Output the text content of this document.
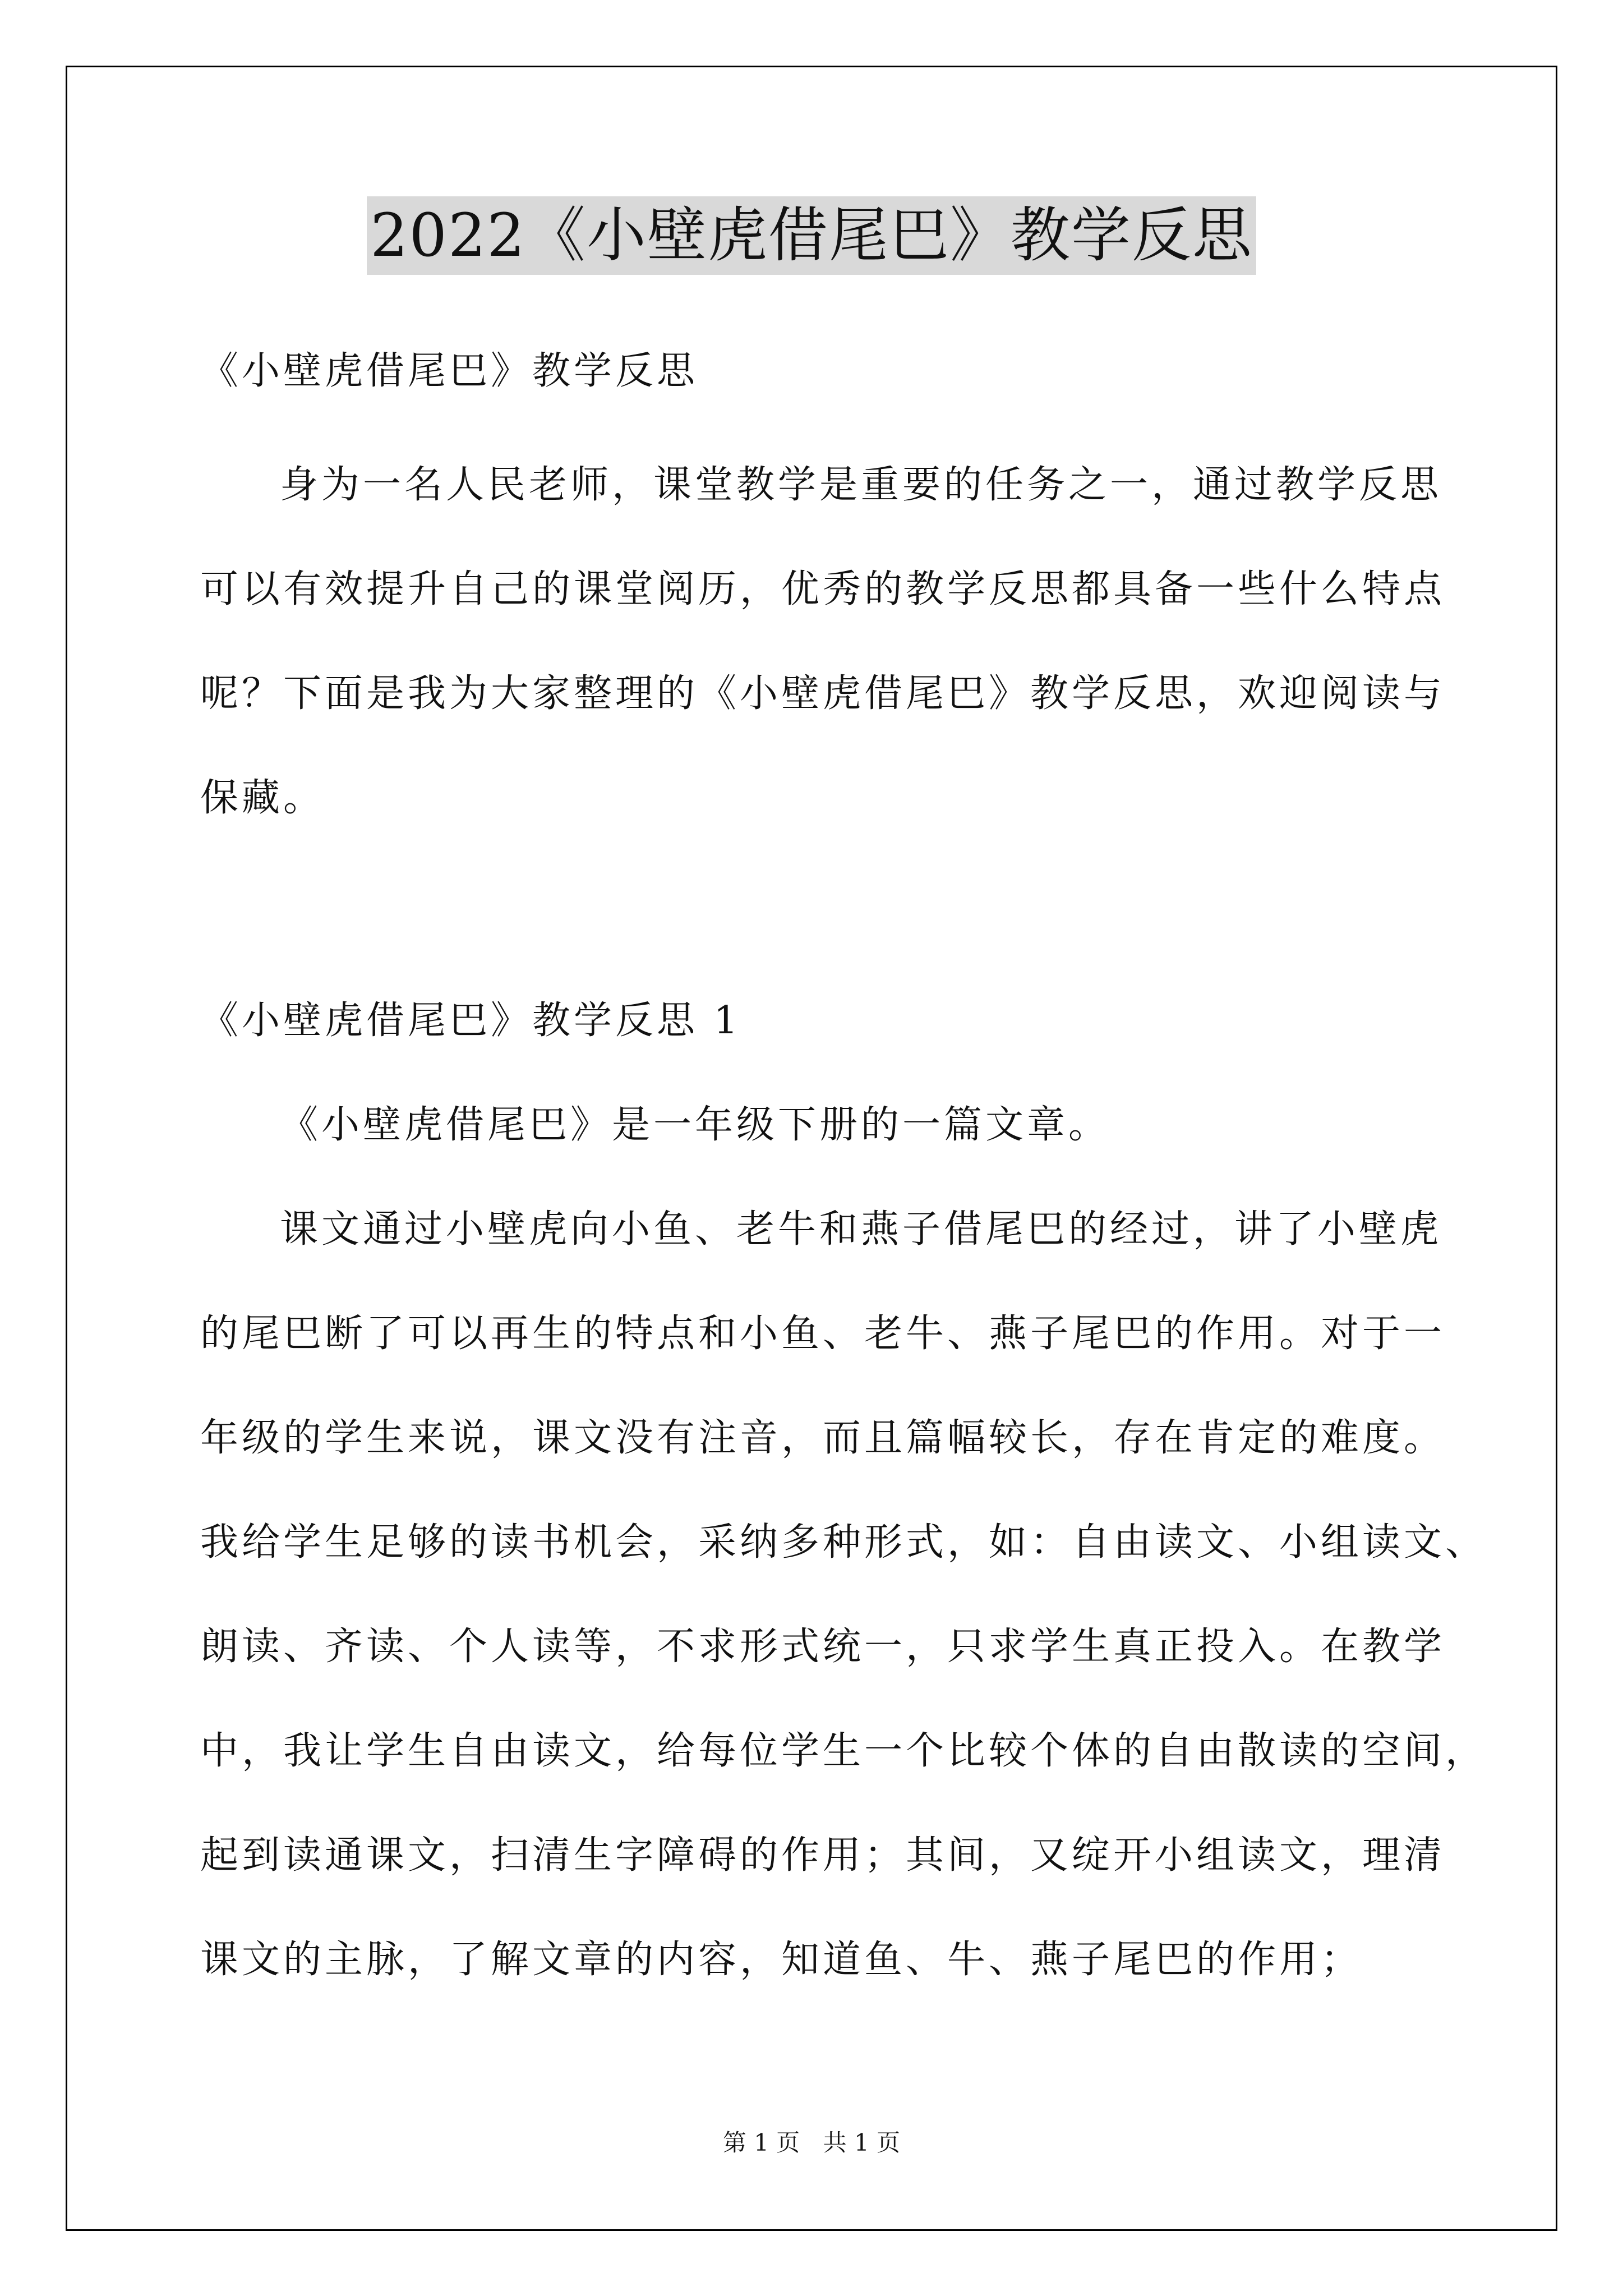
2022《小壁虎借尾巴》教学反思
《小壁虎借尾巴》教学反思
身为一名人民老师，课堂教学是重要的任务之一，通过教学反思
可以有效提升自己的课堂阅历，优秀的教学反思都具备一些什么特点
呢？下面是我为大家整理的《小壁虎借尾巴》教学反思，欢迎阅读与
保藏。
《小壁虎借尾巴》教学反思 1
《小壁虎借尾巴》是一年级下册的一篇文章。
课文通过小壁虎向小鱼、老牛和燕子借尾巴的经过，讲了小壁虎
的尾巴断了可以再生的特点和小鱼、老牛、燕子尾巴的作用。对于一
年级的学生来说，课文没有注音，而且篇幅较长，存在肯定的难度。
我给学生足够的读书机会，采纳多种形式，如：自由读文、小组读文、
朗读、齐读、个人读等，不求形式统一，只求学生真正投入。在教学
中，我让学生自由读文，给每位学生一个比较个体的自由散读的空间，
起到读通课文，扫清生字障碍的作用；其间，又绽开小组读文，理清
课文的主脉，了解文章的内容，知道鱼、牛、燕子尾巴的作用；
第 1 页 共 1 页
